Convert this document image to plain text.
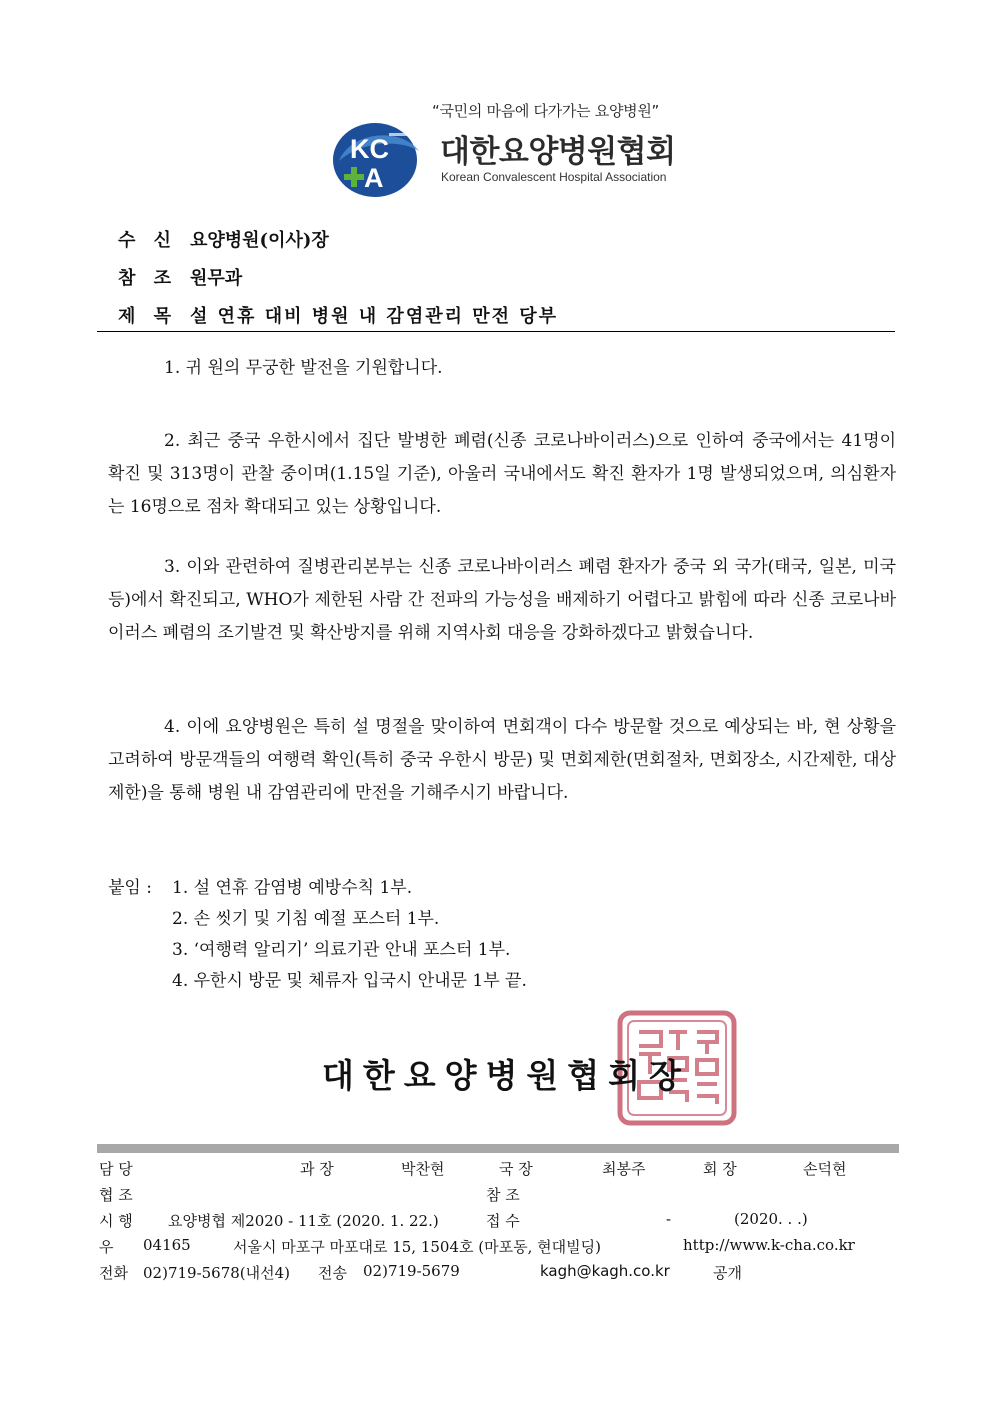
“국민의 마음에 다가가는 요양병원”
KC
A
대한요양병원협회
Korean Convalescent Hospital Association
수 신 요양병원(이사)장
참 조 원무과
제 목 설 연휴 대비 병원 내 감염관리 만전 당부
1. 귀 원의 무궁한 발전을 기원합니다.
2. 최근 중국 우한시에서 집단 발병한 폐렴(신종 코로나바이러스)으로 인하여 중국에서는 41명이 확진 및 313명이 관찰 중이며(1.15일 기준), 아울러 국내에서도 확진 환자가 1명 발생되었으며, 의심환자는 16명으로 점차 확대되고 있는 상황입니다.
3. 이와 관련하여 질병관리본부는 신종 코로나바이러스 폐렴 환자가 중국 외 국가(태국, 일본, 미국 등)에서 확진되고, WHO가 제한된 사람 간 전파의 가능성을 배제하기 어렵다고 밝힘에 따라 신종 코로나바이러스 폐렴의 조기발견 및 확산방지를 위해 지역사회 대응을 강화하겠다고 밝혔습니다.
4. 이에 요양병원은 특히 설 명절을 맞이하여 면회객이 다수 방문할 것으로 예상되는 바, 현 상황을 고려하여 방문객들의 여행력 확인(특히 중국 우한시 방문) 및 면회제한(면회절차, 면회장소, 시간제한, 대상제한)을 통해 병원 내 감염관리에 만전을 기해주시기 바랍니다.
붙임 : 1. 설 연휴 감염병 예방수칙 1부.
2. 손 씻기 및 기침 예절 포스터 1부.
3. ‘여행력 알리기’ 의료기관 안내 포스터 1부.
4. 우한시 방문 및 체류자 입국시 안내문 1부 끝.
대한요양병원협회장
담 당	과 장	박찬현	국 장	최봉주	회 장	손덕현
협 조	참 조
시 행 요양병협 제2020 - 11호 (2020. 1. 22.)	접 수	-	(2020. . .)
우 04165	서울시 마포구 마포대로 15, 1504호 (마포동, 현대빌딩)	http://www.k-cha.co.kr
전화 02)719-5678(내선4) 전송 02)719-5679	kagh@kagh.co.kr	공개
